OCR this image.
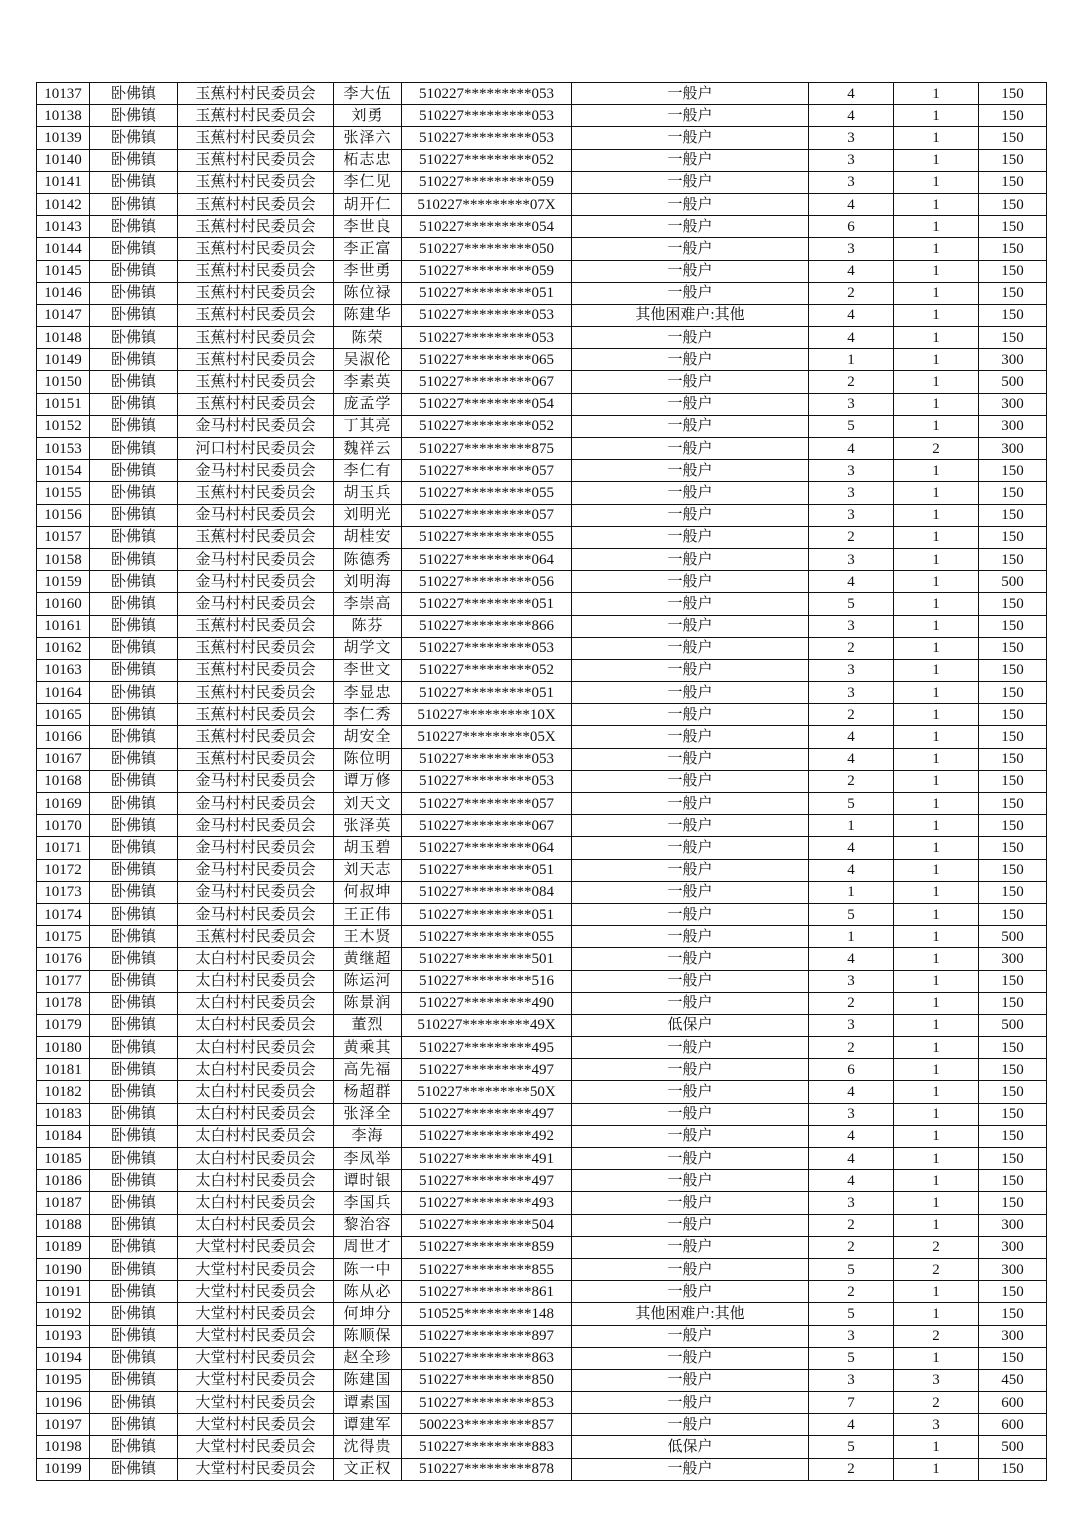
10137	卧佛镇	玉蕉村村民委员会	李大伍	510227*********053	一般户	4	1	150
10138	卧佛镇	玉蕉村村民委员会	刘勇	510227*********053	一般户	4	1	150
10139	卧佛镇	玉蕉村村民委员会	张泽六	510227*********053	一般户	3	1	150
10140	卧佛镇	玉蕉村村民委员会	柘志忠	510227*********052	一般户	3	1	150
10141	卧佛镇	玉蕉村村民委员会	李仁见	510227*********059	一般户	3	1	150
10142	卧佛镇	玉蕉村村民委员会	胡开仁	510227*********07X	一般户	4	1	150
10143	卧佛镇	玉蕉村村民委员会	李世良	510227*********054	一般户	6	1	150
10144	卧佛镇	玉蕉村村民委员会	李正富	510227*********050	一般户	3	1	150
10145	卧佛镇	玉蕉村村民委员会	李世勇	510227*********059	一般户	4	1	150
10146	卧佛镇	玉蕉村村民委员会	陈位禄	510227*********051	一般户	2	1	150
10147	卧佛镇	玉蕉村村民委员会	陈建华	510227*********053	其他困难户:其他	4	1	150
10148	卧佛镇	玉蕉村村民委员会	陈荣	510227*********053	一般户	4	1	150
10149	卧佛镇	玉蕉村村民委员会	吴淑伦	510227*********065	一般户	1	1	300
10150	卧佛镇	玉蕉村村民委员会	李素英	510227*********067	一般户	2	1	500
10151	卧佛镇	玉蕉村村民委员会	庞孟学	510227*********054	一般户	3	1	300
10152	卧佛镇	金马村村民委员会	丁其亮	510227*********052	一般户	5	1	300
10153	卧佛镇	河口村村民委员会	魏祥云	510227*********875	一般户	4	2	300
10154	卧佛镇	金马村村民委员会	李仁有	510227*********057	一般户	3	1	150
10155	卧佛镇	玉蕉村村民委员会	胡玉兵	510227*********055	一般户	3	1	150
10156	卧佛镇	金马村村民委员会	刘明光	510227*********057	一般户	3	1	150
10157	卧佛镇	玉蕉村村民委员会	胡桂安	510227*********055	一般户	2	1	150
10158	卧佛镇	金马村村民委员会	陈德秀	510227*********064	一般户	3	1	150
10159	卧佛镇	金马村村民委员会	刘明海	510227*********056	一般户	4	1	500
10160	卧佛镇	金马村村民委员会	李崇高	510227*********051	一般户	5	1	150
10161	卧佛镇	玉蕉村村民委员会	陈芬	510227*********866	一般户	3	1	150
10162	卧佛镇	玉蕉村村民委员会	胡学文	510227*********053	一般户	2	1	150
10163	卧佛镇	玉蕉村村民委员会	李世文	510227*********052	一般户	3	1	150
10164	卧佛镇	玉蕉村村民委员会	李显忠	510227*********051	一般户	3	1	150
10165	卧佛镇	玉蕉村村民委员会	李仁秀	510227*********10X	一般户	2	1	150
10166	卧佛镇	玉蕉村村民委员会	胡安全	510227*********05X	一般户	4	1	150
10167	卧佛镇	玉蕉村村民委员会	陈位明	510227*********053	一般户	4	1	150
10168	卧佛镇	金马村村民委员会	谭万修	510227*********053	一般户	2	1	150
10169	卧佛镇	金马村村民委员会	刘天文	510227*********057	一般户	5	1	150
10170	卧佛镇	金马村村民委员会	张泽英	510227*********067	一般户	1	1	150
10171	卧佛镇	金马村村民委员会	胡玉碧	510227*********064	一般户	4	1	150
10172	卧佛镇	金马村村民委员会	刘天志	510227*********051	一般户	4	1	150
10173	卧佛镇	金马村村民委员会	何叔坤	510227*********084	一般户	1	1	150
10174	卧佛镇	金马村村民委员会	王正伟	510227*********051	一般户	5	1	150
10175	卧佛镇	玉蕉村村民委员会	王木贤	510227*********055	一般户	1	1	500
10176	卧佛镇	太白村村民委员会	黄继超	510227*********501	一般户	4	1	300
10177	卧佛镇	太白村村民委员会	陈运河	510227*********516	一般户	3	1	150
10178	卧佛镇	太白村村民委员会	陈景润	510227*********490	一般户	2	1	150
10179	卧佛镇	太白村村民委员会	董烈	510227*********49X	低保户	3	1	500
10180	卧佛镇	太白村村民委员会	黄乘其	510227*********495	一般户	2	1	150
10181	卧佛镇	太白村村民委员会	高先福	510227*********497	一般户	6	1	150
10182	卧佛镇	太白村村民委员会	杨超群	510227*********50X	一般户	4	1	150
10183	卧佛镇	太白村村民委员会	张泽全	510227*********497	一般户	3	1	150
10184	卧佛镇	太白村村民委员会	李海	510227*********492	一般户	4	1	150
10185	卧佛镇	太白村村民委员会	李凤举	510227*********491	一般户	4	1	150
10186	卧佛镇	太白村村民委员会	谭时银	510227*********497	一般户	4	1	150
10187	卧佛镇	太白村村民委员会	李国兵	510227*********493	一般户	3	1	150
10188	卧佛镇	太白村村民委员会	黎治容	510227*********504	一般户	2	1	300
10189	卧佛镇	大堂村村民委员会	周世才	510227*********859	一般户	2	2	300
10190	卧佛镇	大堂村村民委员会	陈一中	510227*********855	一般户	5	2	300
10191	卧佛镇	大堂村村民委员会	陈从必	510227*********861	一般户	2	1	150
10192	卧佛镇	大堂村村民委员会	何坤分	510525*********148	其他困难户:其他	5	1	150
10193	卧佛镇	大堂村村民委员会	陈顺保	510227*********897	一般户	3	2	300
10194	卧佛镇	大堂村村民委员会	赵全珍	510227*********863	一般户	5	1	150
10195	卧佛镇	大堂村村民委员会	陈建国	510227*********850	一般户	3	3	450
10196	卧佛镇	大堂村村民委员会	谭素国	510227*********853	一般户	7	2	600
10197	卧佛镇	大堂村村民委员会	谭建军	500223*********857	一般户	4	3	600
10198	卧佛镇	大堂村村民委员会	沈得贵	510227*********883	低保户	5	1	500
10199	卧佛镇	大堂村村民委员会	文正权	510227*********878	一般户	2	1	150
